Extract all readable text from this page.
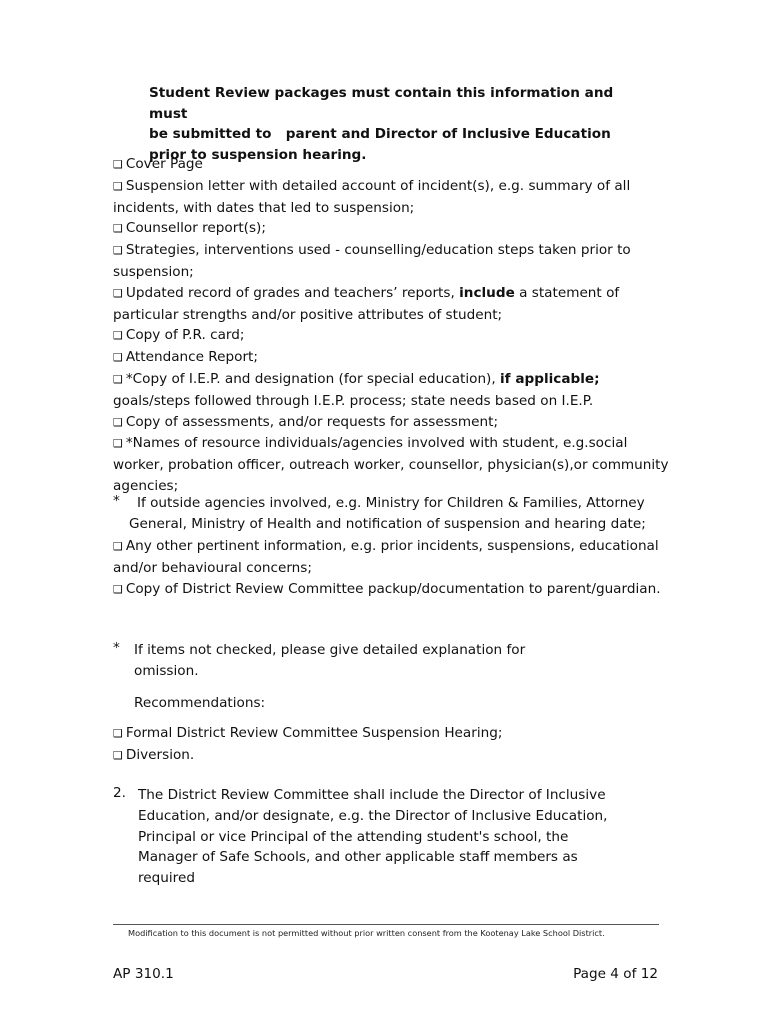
Student Review packages must contain this information and must
be submitted to   parent and Director of Inclusive Education
prior to suspension hearing.
❑ Cover Page
❑ Suspension letter with detailed account of incident(s), e.g. summary of all incidents, with dates that led to suspension;
❑ Counsellor report(s);
❑ Strategies, interventions used - counselling/education steps taken prior to suspension;
❑ Updated record of grades and teachers’ reports, include a statement of particular strengths and/or positive attributes of student;
❑ Copy of P.R. card;
❑ Attendance Report;
❑ *Copy of I.E.P. and designation (for special education), if applicable; goals/steps followed through I.E.P. process; state needs based on I.E.P.
❑ Copy of assessments, and/or requests for assessment;
❑ *Names of resource individuals/agencies involved with student, e.g.social worker, probation officer, outreach worker, counsellor, physician(s),or community agencies;
*	If outside agencies involved, e.g. Ministry for Children & Families, Attorney General, Ministry of Health and notification of suspension and hearing date;
❑ Any other pertinent information, e.g. prior incidents, suspensions, educational and/or behavioural concerns;
❑ Copy of District Review Committee packup/documentation to parent/guardian.
* If items not checked, please give detailed explanation for omission.
Recommendations:
❑ Formal District Review Committee Suspension Hearing;
❑ Diversion.
2. The District Review Committee shall include the Director of Inclusive Education, and/or designate, e.g. the Director of Inclusive Education, Principal or vice Principal of the attending student's school, the Manager of Safe Schools, and other applicable staff members as required
Modification to this document is not permitted without prior written consent from the Kootenay Lake School District.
AP 310.1	Page 4 of 12
